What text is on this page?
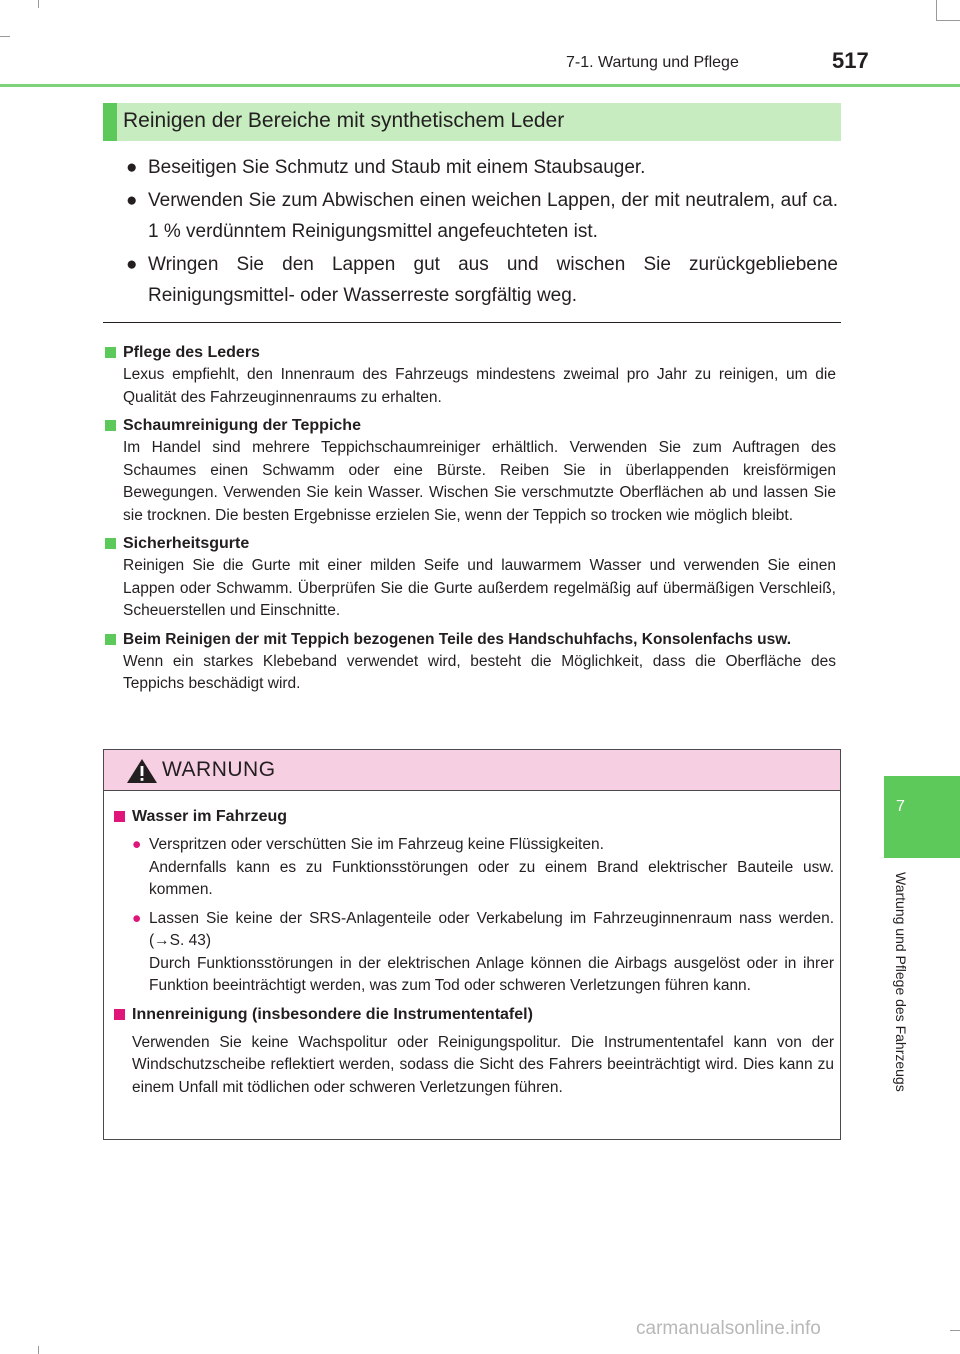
7-1. Wartung und Pflege	517
7
Wartung und Pflege des Fahrzeugs
Reinigen der Bereiche mit synthetischem Leder
● Beseitigen Sie Schmutz und Staub mit einem Staubsauger.
● Verwenden Sie zum Abwischen einen weichen Lappen, der mit neutralem, auf ca. 1 % verdünntem Reinigungsmittel angefeuchteten ist.
● Wringen Sie den Lappen gut aus und wischen Sie zurückgebliebene Reinigungsmittel- oder Wasserreste sorgfältig weg.
Pflege des Leders
Lexus empfiehlt, den Innenraum des Fahrzeugs mindestens zweimal pro Jahr zu reinigen, um die Qualität des Fahrzeuginnenraums zu erhalten.
Schaumreinigung der Teppiche
Im Handel sind mehrere Teppichschaumreiniger erhältlich. Verwenden Sie zum Auftragen des Schaumes einen Schwamm oder eine Bürste. Reiben Sie in überlappenden kreisförmigen Bewegungen. Verwenden Sie kein Wasser. Wischen Sie verschmutzte Oberflächen ab und lassen Sie sie trocknen. Die besten Ergebnisse erzielen Sie, wenn der Teppich so trocken wie möglich bleibt.
Sicherheitsgurte
Reinigen Sie die Gurte mit einer milden Seife und lauwarmem Wasser und verwenden Sie einen Lappen oder Schwamm. Überprüfen Sie die Gurte außerdem regelmäßig auf übermäßigen Verschleiß, Scheuerstellen und Einschnitte.
Beim Reinigen der mit Teppich bezogenen Teile des Handschuhfachs, Konsolenfachs usw.
Wenn ein starkes Klebeband verwendet wird, besteht die Möglichkeit, dass die Oberfläche des Teppichs beschädigt wird.
WARNUNG
Wasser im Fahrzeug
● Verspritzen oder verschütten Sie im Fahrzeug keine Flüssigkeiten.
Andernfalls kann es zu Funktionsstörungen oder zu einem Brand elektrischer Bauteile usw. kommen.
● Lassen Sie keine der SRS-Anlagenteile oder Verkabelung im Fahrzeuginnenraum nass werden. (→S. 43)
Durch Funktionsstörungen in der elektrischen Anlage können die Airbags ausgelöst oder in ihrer Funktion beeinträchtigt werden, was zum Tod oder schweren Verletzungen führen kann.
Innenreinigung (insbesondere die Instrumententafel)
Verwenden Sie keine Wachspolitur oder Reinigungspolitur. Die Instrumententafel kann von der Windschutzscheibe reflektiert werden, sodass die Sicht des Fahrers beeinträchtigt wird. Dies kann zu einem Unfall mit tödlichen oder schweren Verletzungen führen.
carmanualsonline.info
